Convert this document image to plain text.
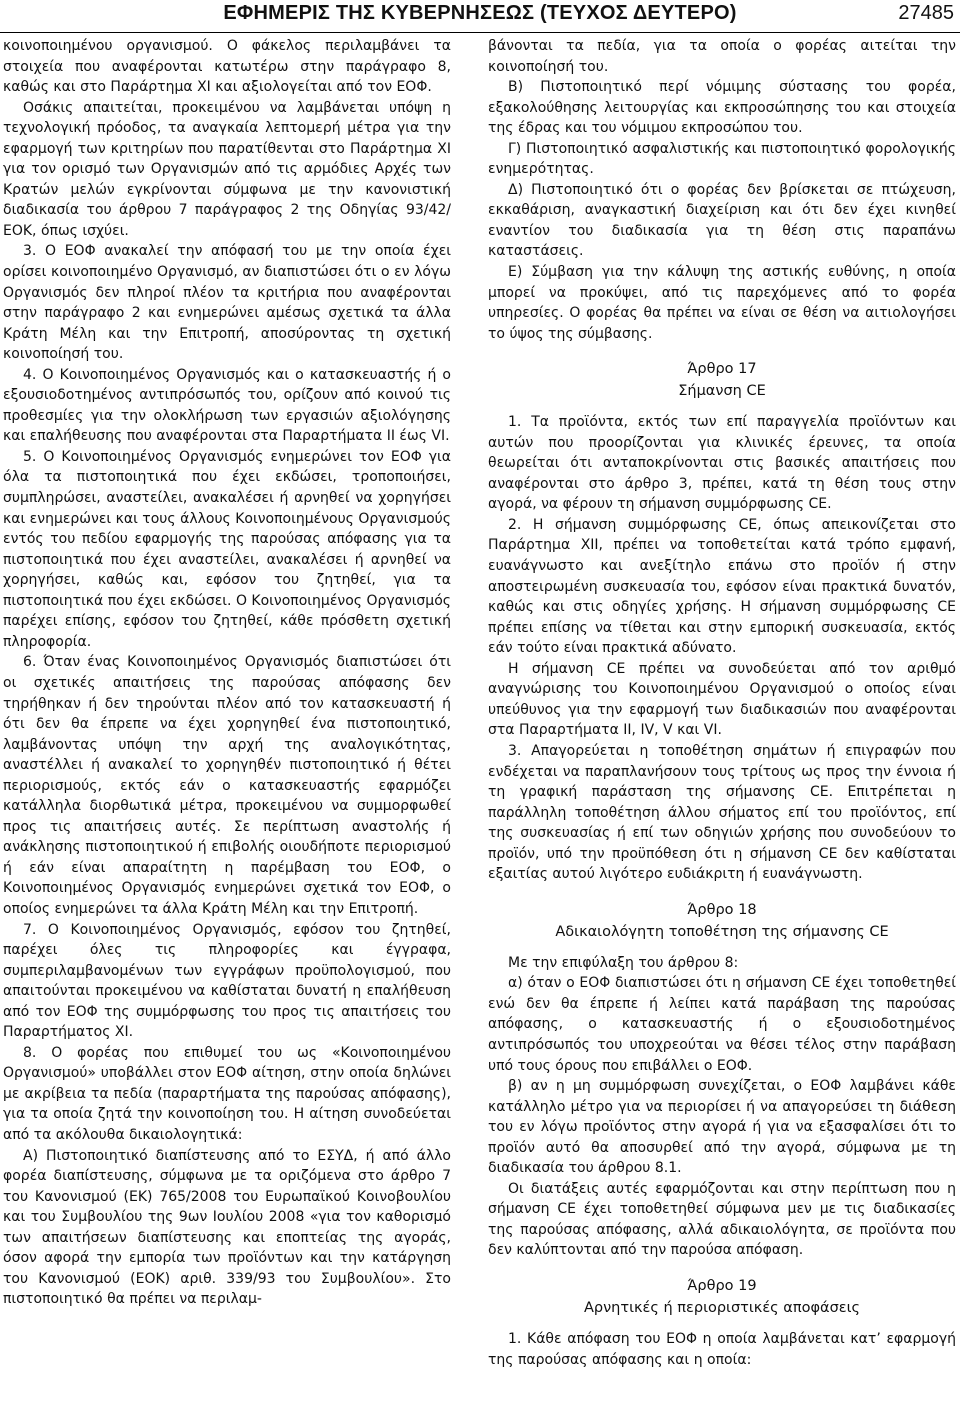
ΕΦΗΜΕΡΙΣ ΤΗΣ ΚΥΒΕΡΝΗΣΕΩΣ (ΤΕΥΧΟΣ ΔΕΥΤΕΡΟ)	27485

κοινοποιημένου οργανισμού. Ο φάκελος περιλαμβάνει τα στοιχεία που αναφέρονται κατωτέρω στην παράγραφο 8, καθώς και στο Παράρτημα XI και αξιολογείται από τον ΕΟΦ.

Οσάκις απαιτείται, προκειμένου να λαμβάνεται υπόψη η τεχνολογική πρόοδος, τα αναγκαία λεπτομερή μέτρα για την εφαρμογή των κριτηρίων που παρατίθενται στο Παράρτημα XI για τον ορισμό των Οργανισμών από τις αρμόδιες Αρχές των Κρατών μελών εγκρίνονται σύμφωνα με την κανονιστική διαδικασία του άρθρου 7 παράγραφος 2 της Οδηγίας 93/42/ΕΟΚ, όπως ισχύει.

3. Ο ΕΟΦ ανακαλεί την απόφασή του με την οποία έχει ορίσει κοινοποιημένο Οργανισμό, αν διαπιστώσει ότι ο εν λόγω Οργανισμός δεν πληροί πλέον τα κριτήρια που αναφέρονται στην παράγραφο 2 και ενημερώνει αμέσως σχετικά τα άλλα Κράτη Μέλη και την Επιτροπή, αποσύροντας τη σχετική κοινοποίησή του.

4. Ο Κοινοποιημένος Οργανισμός και ο κατασκευαστής ή ο εξουσιοδοτημένος αντιπρόσωπός του, ορίζουν από κοινού τις προθεσμίες για την ολοκλήρωση των εργασιών αξιολόγησης και επαλήθευσης που αναφέρονται στα Παραρτήματα II έως VI.

5. Ο Κοινοποιημένος Οργανισμός ενημερώνει τον ΕΟΦ για όλα τα πιστοποιητικά που έχει εκδώσει, τροποποιήσει, συμπληρώσει, αναστείλει, ανακαλέσει ή αρνηθεί να χορηγήσει και ενημερώνει και τους άλλους Κοινοποιημένους Οργανισμούς εντός του πεδίου εφαρμογής της παρούσας απόφασης για τα πιστοποιητικά που έχει αναστείλει, ανακαλέσει ή αρνηθεί να χορηγήσει, καθώς και, εφόσον του ζητηθεί, για τα πιστοποιητικά που έχει εκδώσει. Ο Κοινοποιημένος Οργανισμός παρέχει επίσης, εφόσον του ζητηθεί, κάθε πρόσθετη σχετική πληροφορία.

6. Όταν ένας Κοινοποιημένος Οργανισμός διαπιστώσει ότι οι σχετικές απαιτήσεις της παρούσας απόφασης δεν τηρήθηκαν ή δεν τηρούνται πλέον από τον κατασκευαστή ή ότι δεν θα έπρεπε να έχει χορηγηθεί ένα πιστοποιητικό, λαμβάνοντας υπόψη την αρχή της αναλογικότητας, αναστέλλει ή ανακαλεί το χορηγηθέν πιστοποιητικό ή θέτει περιορισμούς, εκτός εάν ο κατασκευαστής εφαρμόζει κατάλληλα διορθωτικά μέτρα, προκειμένου να συμμορφωθεί προς τις απαιτήσεις αυτές. Σε περίπτωση αναστολής ή ανάκλησης πιστοποιητικού ή επιβολής οιουδήποτε περιορισμού ή εάν είναι απαραίτητη η παρέμβαση του ΕΟΦ, ο Κοινοποιημένος Οργανισμός ενημερώνει σχετικά τον ΕΟΦ, ο οποίος ενημερώνει τα άλλα Κράτη Μέλη και την Επιτροπή.

7. Ο Κοινοποιημένος Οργανισμός, εφόσον του ζητηθεί, παρέχει όλες τις πληροφορίες και έγγραφα, συμπεριλαμβανομένων των εγγράφων προϋπολογισμού, που απαιτούνται προκειμένου να καθίσταται δυνατή η επαλήθευση από τον ΕΟΦ της συμμόρφωσης του προς τις απαιτήσεις του Παραρτήματος XI.

8. Ο φορέας που επιθυμεί του ως «Κοινοποιημένου Οργανισμού» υποβάλλει στον ΕΟΦ αίτηση, στην οποία δηλώνει με ακρίβεια τα πεδία (παραρτήματα της παρούσας απόφασης), για τα οποία ζητά την κοινοποίηση του. Η αίτηση συνοδεύεται από τα ακόλουθα δικαιολογητικά:

Α) Πιστοποιητικό διαπίστευσης από το ΕΣΥΔ, ή από άλλο φορέα διαπίστευσης, σύμφωνα με τα οριζόμενα στο άρθρο 7 του Κανονισμού (ΕΚ) 765/2008 του Ευρωπαϊκού Κοινοβουλίου και του Συμβουλίου της 9ων Ιουλίου 2008 «για τον καθορισμό των απαιτήσεων διαπίστευσης και εποπτείας της αγοράς, όσον αφορά την εμπορία των προϊόντων και την κατάργηση του Κανονισμού (ΕΟΚ) αριθ. 339/93 του Συμβουλίου». Στο πιστοποιητικό θα πρέπει να περιλαμ-

βάνονται τα πεδία, για τα οποία ο φορέας αιτείται την κοινοποίησή του.

Β) Πιστοποιητικό περί νόμιμης σύστασης του φορέα, εξακολούθησης λειτουργίας και εκπροσώπησης του και στοιχεία της έδρας και του νόμιμου εκπροσώπου του.

Γ) Πιστοποιητικό ασφαλιστικής και πιστοποιητικό φορολογικής ενημερότητας.

Δ) Πιστοποιητικό ότι ο φορέας δεν βρίσκεται σε πτώχευση, εκκαθάριση, αναγκαστική διαχείριση και ότι δεν έχει κινηθεί εναντίον του διαδικασία για τη θέση στις παραπάνω καταστάσεις.

Ε) Σύμβαση για την κάλυψη της αστικής ευθύνης, η οποία μπορεί να προκύψει, από τις παρεχόμενες από το φορέα υπηρεσίες. Ο φορέας θα πρέπει να είναι σε θέση να αιτιολογήσει το ύψος της σύμβασης.

Άρθρο 17
Σήμανση CE

1. Τα προϊόντα, εκτός των επί παραγγελία προϊόντων και αυτών που προορίζονται για κλινικές έρευνες, τα οποία θεωρείται ότι ανταποκρίνονται στις βασικές απαιτήσεις που αναφέρονται στο άρθρο 3, πρέπει, κατά τη θέση τους στην αγορά, να φέρουν τη σήμανση συμμόρφωσης CE.

2. Η σήμανση συμμόρφωσης CE, όπως απεικονίζεται στο Παράρτημα XII, πρέπει να τοποθετείται κατά τρόπο εμφανή, ευανάγνωστο και ανεξίτηλο επάνω στο προϊόν ή στην αποστειρωμένη συσκευασία του, εφόσον είναι πρακτικά δυνατόν, καθώς και στις οδηγίες χρήσης. Η σήμανση συμμόρφωσης CE πρέπει επίσης να τίθεται και στην εμπορική συσκευασία, εκτός εάν τούτο είναι πρακτικά αδύνατο.

Η σήμανση CE πρέπει να συνοδεύεται από τον αριθμό αναγνώρισης του Κοινοποιημένου Οργανισμού ο οποίος είναι υπεύθυνος για την εφαρμογή των διαδικασιών που αναφέρονται στα Παραρτήματα II, IV, V και VI.

3. Απαγορεύεται η τοποθέτηση σημάτων ή επιγραφών που ενδέχεται να παραπλανήσουν τους τρίτους ως προς την έννοια ή τη γραφική παράσταση της σήμανσης CE. Επιτρέπεται η παράλληλη τοποθέτηση άλλου σήματος επί του προϊόντος, επί της συσκευασίας ή επί των οδηγιών χρήσης που συνοδεύουν το προϊόν, υπό την προϋπόθεση ότι η σήμανση CE δεν καθίσταται εξαιτίας αυτού λιγότερο ευδιάκριτη ή ευανάγνωστη.

Άρθρο 18
Αδικαιολόγητη τοποθέτηση της σήμανσης CE

Με την επιφύλαξη του άρθρου 8:

α) όταν ο ΕΟΦ διαπιστώσει ότι η σήμανση CE έχει τοποθετηθεί ενώ δεν θα έπρεπε ή λείπει κατά παράβαση της παρούσας απόφασης, ο κατασκευαστής ή ο εξουσιοδοτημένος αντιπρόσωπός του υποχρεούται να θέσει τέλος στην παράβαση υπό τους όρους που επιβάλλει ο ΕΟΦ.

β) αν η μη συμμόρφωση συνεχίζεται, ο ΕΟΦ λαμβάνει κάθε κατάλληλο μέτρο για να περιορίσει ή να απαγορεύσει τη διάθεση του εν λόγω προϊόντος στην αγορά ή για να εξασφαλίσει ότι το προϊόν αυτό θα αποσυρθεί από την αγορά, σύμφωνα με τη διαδικασία του άρθρου 8.1.

Οι διατάξεις αυτές εφαρμόζονται και στην περίπτωση που η σήμανση CE έχει τοποθετηθεί σύμφωνα μεν με τις διαδικασίες της παρούσας απόφασης, αλλά αδικαιολόγητα, σε προϊόντα που δεν καλύπτονται από την παρούσα απόφαση.

Άρθρο 19
Αρνητικές ή περιοριστικές αποφάσεις

1. Κάθε απόφαση του ΕΟΦ η οποία λαμβάνεται κατ’ εφαρμογή της παρούσας απόφασης και η οποία:
